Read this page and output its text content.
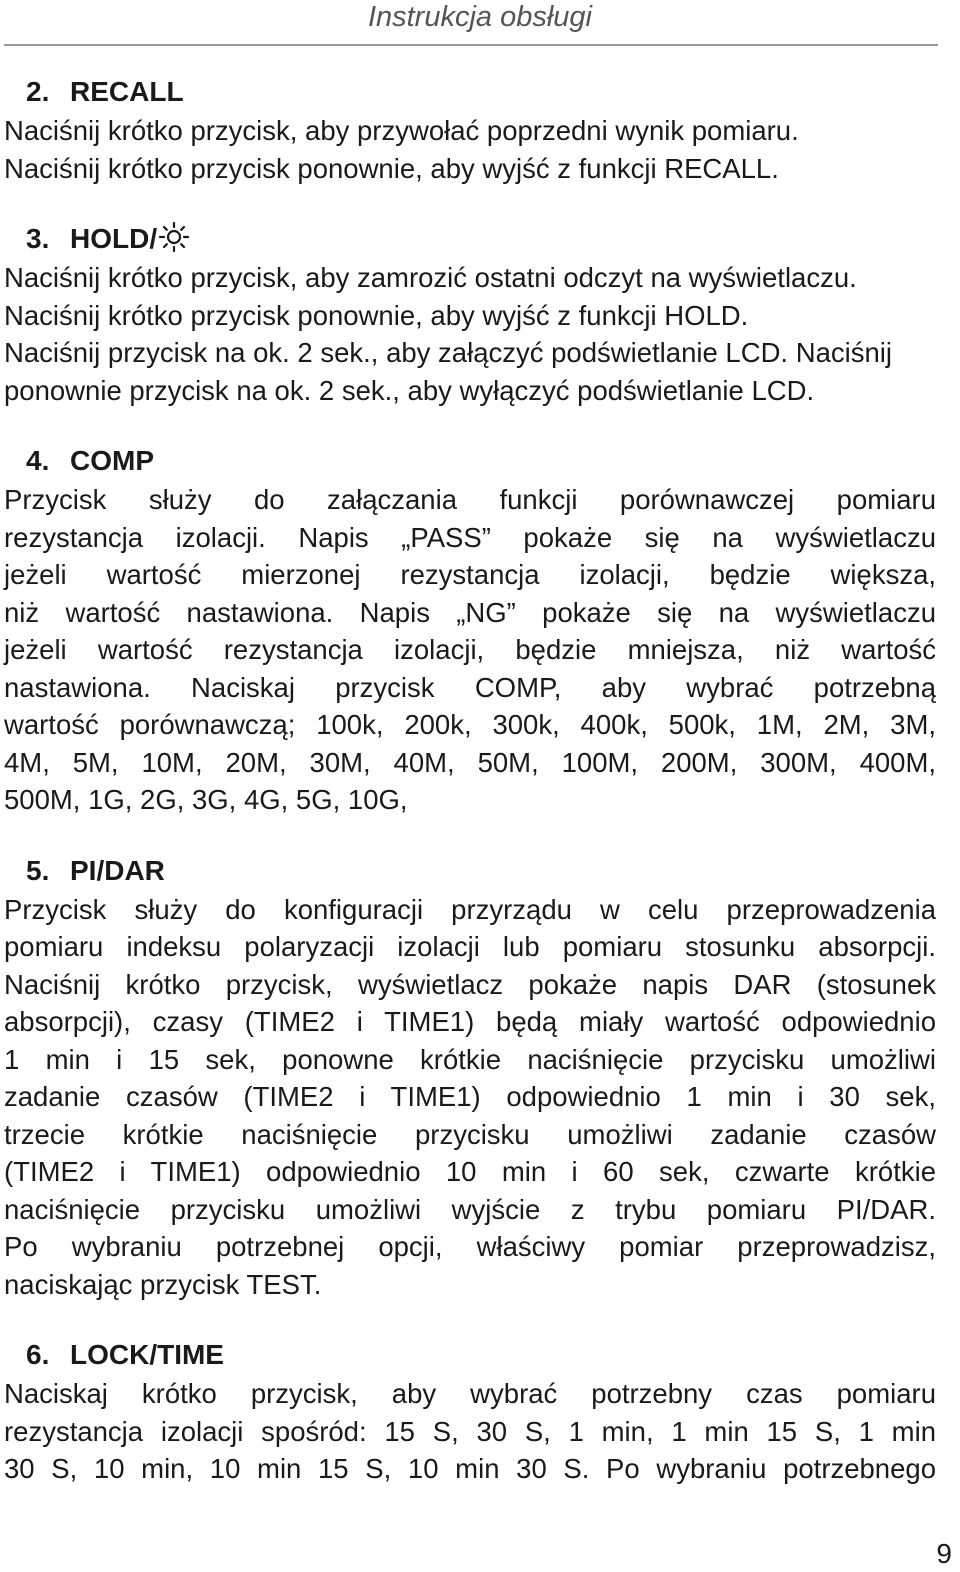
Instrukcja obsługi
2. RECALL
Naciśnij krótko przycisk, aby przywołać poprzedni wynik pomiaru.
Naciśnij krótko przycisk ponownie, aby wyjść z funkcji RECALL.
3. HOLD/
Naciśnij krótko przycisk, aby zamrozić ostatni odczyt na wyświetlaczu.
Naciśnij krótko przycisk ponownie, aby wyjść z funkcji HOLD.
Naciśnij przycisk na ok. 2 sek., aby załączyć podświetlanie LCD. Naciśnij
ponownie przycisk na ok. 2 sek., aby wyłączyć podświetlanie LCD.
4. COMP
Przycisk służy do załączania funkcji porównawczej pomiaru
rezystancja izolacji. Napis „PASS” pokaże się na wyświetlaczu
jeżeli wartość mierzonej rezystancja izolacji, będzie większa,
niż wartość nastawiona. Napis „NG” pokaże się na wyświetlaczu
jeżeli wartość rezystancja izolacji, będzie mniejsza, niż wartość
nastawiona. Naciskaj przycisk COMP, aby wybrać potrzebną
wartość porównawczą; 100k, 200k, 300k, 400k, 500k, 1M, 2M, 3M,
4M, 5M, 10M, 20M, 30M, 40M, 50M, 100M, 200M, 300M, 400M,
500M, 1G, 2G, 3G, 4G, 5G, 10G,
5. PI/DAR
Przycisk służy do konfiguracji przyrządu w celu przeprowadzenia
pomiaru indeksu polaryzacji izolacji lub pomiaru stosunku absorpcji.
Naciśnij krótko przycisk, wyświetlacz pokaże napis DAR (stosunek
absorpcji), czasy (TIME2 i TIME1) będą miały wartość odpowiednio
1 min i 15 sek, ponowne krótkie naciśnięcie przycisku umożliwi
zadanie czasów (TIME2 i TIME1) odpowiednio 1 min i 30 sek,
trzecie krótkie naciśnięcie przycisku umożliwi zadanie czasów
(TIME2 i TIME1) odpowiednio 10 min i 60 sek, czwarte krótkie
naciśnięcie przycisku umożliwi wyjście z trybu pomiaru PI/DAR.
Po wybraniu potrzebnej opcji, właściwy pomiar przeprowadzisz,
naciskając przycisk TEST.
6. LOCK/TIME
Naciskaj krótko przycisk, aby wybrać potrzebny czas pomiaru
rezystancja izolacji spośród: 15 S, 30 S, 1 min, 1 min 15 S, 1 min
30 S, 10 min, 10 min 15 S, 10 min 30 S. Po wybraniu potrzebnego
9
